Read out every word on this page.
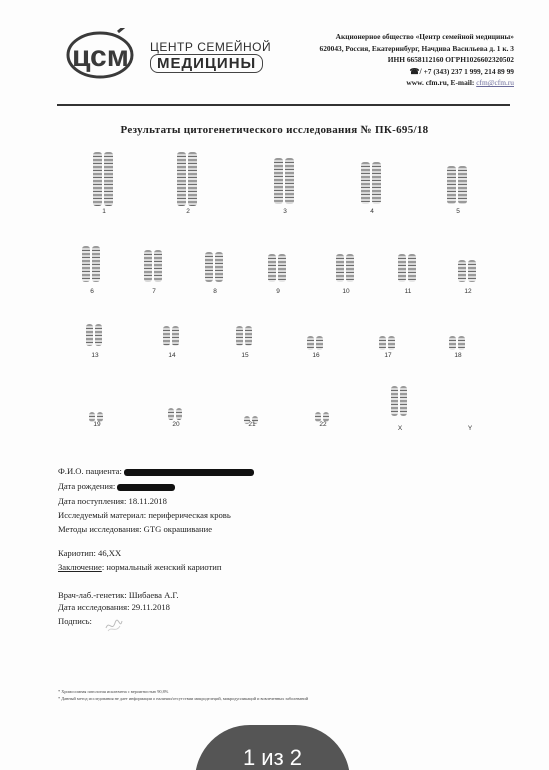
цсм ЦЕНТР СЕМЕЙНОЙ
МЕДИЦИНЫ
Акционерное общество «Центр семейной медицины»
620043, Россия, Екатеринбург, Начдива Васильева д. 1 к. 3
ИНН 6658112160 ОГРН1026602320502
☎/ +7 (343) 237 1 999, 214 89 99
www. cfm.ru, E-mail: cfm@cfm.ru
Результаты цитогенетического исследования № ПК-695/18
1	2	3	4	5
6	7	8	9	10	11	12
13	14	15	16	17	18
19	20	21	22
X	Y
Ф.И.О. пациента:
Дата рождения:
Дата поступления: 18.11.2018
Исследуемый материал: периферическая кровь
Методы исследования: GTG окрашивание
Кариотип: 46,XX
Заключение: нормальный женский кариотип
Врач-лаб.-генетик: Шибаева А.Г.
Дата исследования: 29.11.2018
Подпись:
* Хромосомная патология исключена с вероятностью 90,8%
* Данный метод исследования не дает информации о наличии/отсутствии микроделеций, микродупликаций и вовлеченных заболеваний
1 из 2
